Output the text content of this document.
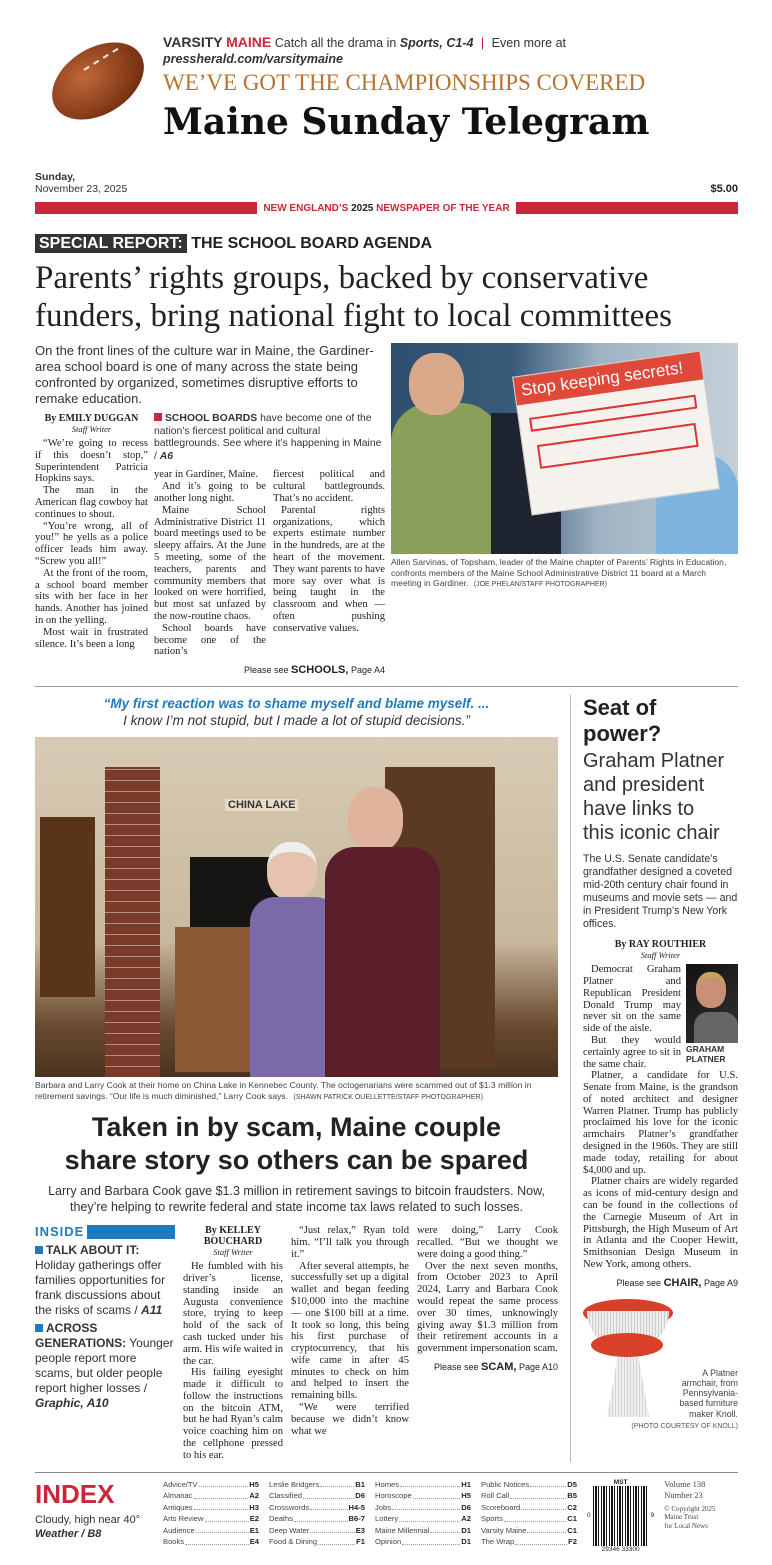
VARSITY MAINE Catch all the drama in Sports, C1-4 | Even more at pressherald.com/varsitymaine
WE’VE GOT THE CHAMPIONSHIPS COVERED
Maine Sunday Telegram
Sunday,
November 23, 2025	$5.00
NEW ENGLAND’S 2025 NEWSPAPER OF THE YEAR
SPECIAL REPORT: THE SCHOOL BOARD AGENDA
Parents’ rights groups, backed by conservative
funders, bring national fight to local committees
On the front lines of the culture war in Maine, the Gardiner-area school board is one of many across the state being confronted by organized, sometimes disruptive efforts to remake education.
By EMILY DUGGAN
Staff Writer

“We’re going to recess if this doesn’t stop,” Superintendent Patricia Hopkins says.

The man in the American flag cowboy hat continues to shout.

“You’re wrong, all of you!” he yells as a police officer leads him away. “Screw you all!”

At the front of the room, a school board member sits with her face in her hands. Another has joined in on the yelling.

Most wait in frustrated silence. It’s been a long

SCHOOL BOARDS have become one of the nation’s fiercest political and cultural battlegrounds. See where it’s happening in Maine / A6

year in Gardiner, Maine.

And it’s going to be another long night.

Maine School Administrative District 11 board meetings used to be sleepy affairs. At the June 5 meeting, some of the teachers, parents and community members that looked on were horrified, but most sat unfazed by the now-routine chaos.

School boards have become one of the nation’s

fiercest political and cultural battlegrounds. That’s no accident.

Parental rights organizations, which experts estimate number in the hundreds, are at the heart of the movement. They want parents to have more say over what is being taught in the classroom and when — often pushing conservative values.

Please see SCHOOLS, Page A4
Stop keeping secrets!
Allen Sarvinas, of Topsham, leader of the Maine chapter of Parents’ Rights in Education, confronts members of the Maine School Administrative District 11 board at a March meeting in Gardiner. (JOE PHELAN/STAFF PHOTOGRAPHER)
“My first reaction was to shame myself and blame myself. ...
I know I’m not stupid, but I made a lot of stupid decisions.”
CHINA LAKE
Barbara and Larry Cook at their home on China Lake in Kennebec County. The octogenarians were scammed out of $1.3 million in retirement savings. “Our life is much diminished,” Larry Cook says. (SHAWN PATRICK OUELLETTE/STAFF PHOTOGRAPHER)
Taken in by scam, Maine couple
share story so others can be spared
Larry and Barbara Cook gave $1.3 million in retirement savings to bitcoin fraudsters. Now, they’re helping to rewrite federal and state income tax laws related to such losses.
INSIDE
TALK ABOUT IT: Holiday gatherings offer families opportunities for frank discussions about the risks of scams / A11
ACROSS GENERATIONS: Younger people report more scams, but older people report higher losses / Graphic, A10
By KELLEY BOUCHARD
Staff Writer

He fumbled with his driver’s license, standing inside an Augusta convenience store, trying to keep hold of the sack of cash tucked under his arm. His wife waited in the car.

His failing eyesight made it difficult to follow the instructions on the bitcoin ATM, but he had Ryan’s calm voice coaching him on the cellphone pressed to his ear.

“Just relax,” Ryan told him. “I’ll talk you through it.”

After several attempts, he successfully set up a digital wallet and began feeding $10,000 into the machine — one $100 bill at a time. It took so long, this being his first purchase of cryptocurrency, that his wife came in after 45 minutes to check on him and helped to insert the remaining bills.

“We were terrified because we didn’t know what we

were doing,” Larry Cook recalled. “But we thought we were doing a good thing.”

Over the next seven months, from October 2023 to April 2024, Larry and Barbara Cook would repeat the same process over 30 times, unknowingly giving away $1.3 million from their retirement accounts in a government impersonation scam.

Please see SCAM, Page A10
Seat of power?
Graham Platner
and president
have links to
this iconic chair
The U.S. Senate candidate’s grandfather designed a coveted mid-20th century chair found in museums and movie sets — and in President Trump’s New York offices.
By RAY ROUTHIER
Staff Writer
GRAHAM
PLATNER

Democrat Graham Platner and Republican President Donald Trump may never sit on the same side of the aisle.

But they would certainly agree to sit in the same chair.

Platner, a candidate for U.S. Senate from Maine, is the grandson of noted architect and designer Warren Platner. Trump has publicly proclaimed his love for the iconic armchairs Platner’s grandfather designed in the 1960s. They are still made today, retailing for about $4,000 and up.

Platner chairs are widely regarded as icons of mid-century design and can be found in the collections of the Carnegie Museum of Art in Pittsburgh, the High Museum of Art in Atlanta and the Cooper Hewitt, Smithsonian Design Museum in New York, among others.

Please see CHAIR, Page A9
A Platner armchair, from Pennsylvania-based furniture maker Knoll.
(PHOTO COURTESY OF KNOLL)
INDEX
Cloudy, high near 40°
Weather / B8
Advice/TV	H5
Almanac	A2
Antiques	H3
Arts Review	E2
Audience	E1
Books	E4
Leslie Bridgers	B1
Classified	D6
Crosswords	H4-5
Deaths	B6-7
Deep Water	E3
Food & Dining	F1
Homes	H1
Horoscope	H5
Jobs	D6
Lottery	A2
Maine Millennial	D1
Opinion	D1
Public Notices	D5
Roll Call	B5
Scoreboard	C2
Sports	C1
Varsity Maine	C1
The Wrap	F2
0
MST
29346 33300
9
Volume 138
Number 23
© Copyright 2025
Maine Trust
for Local News
